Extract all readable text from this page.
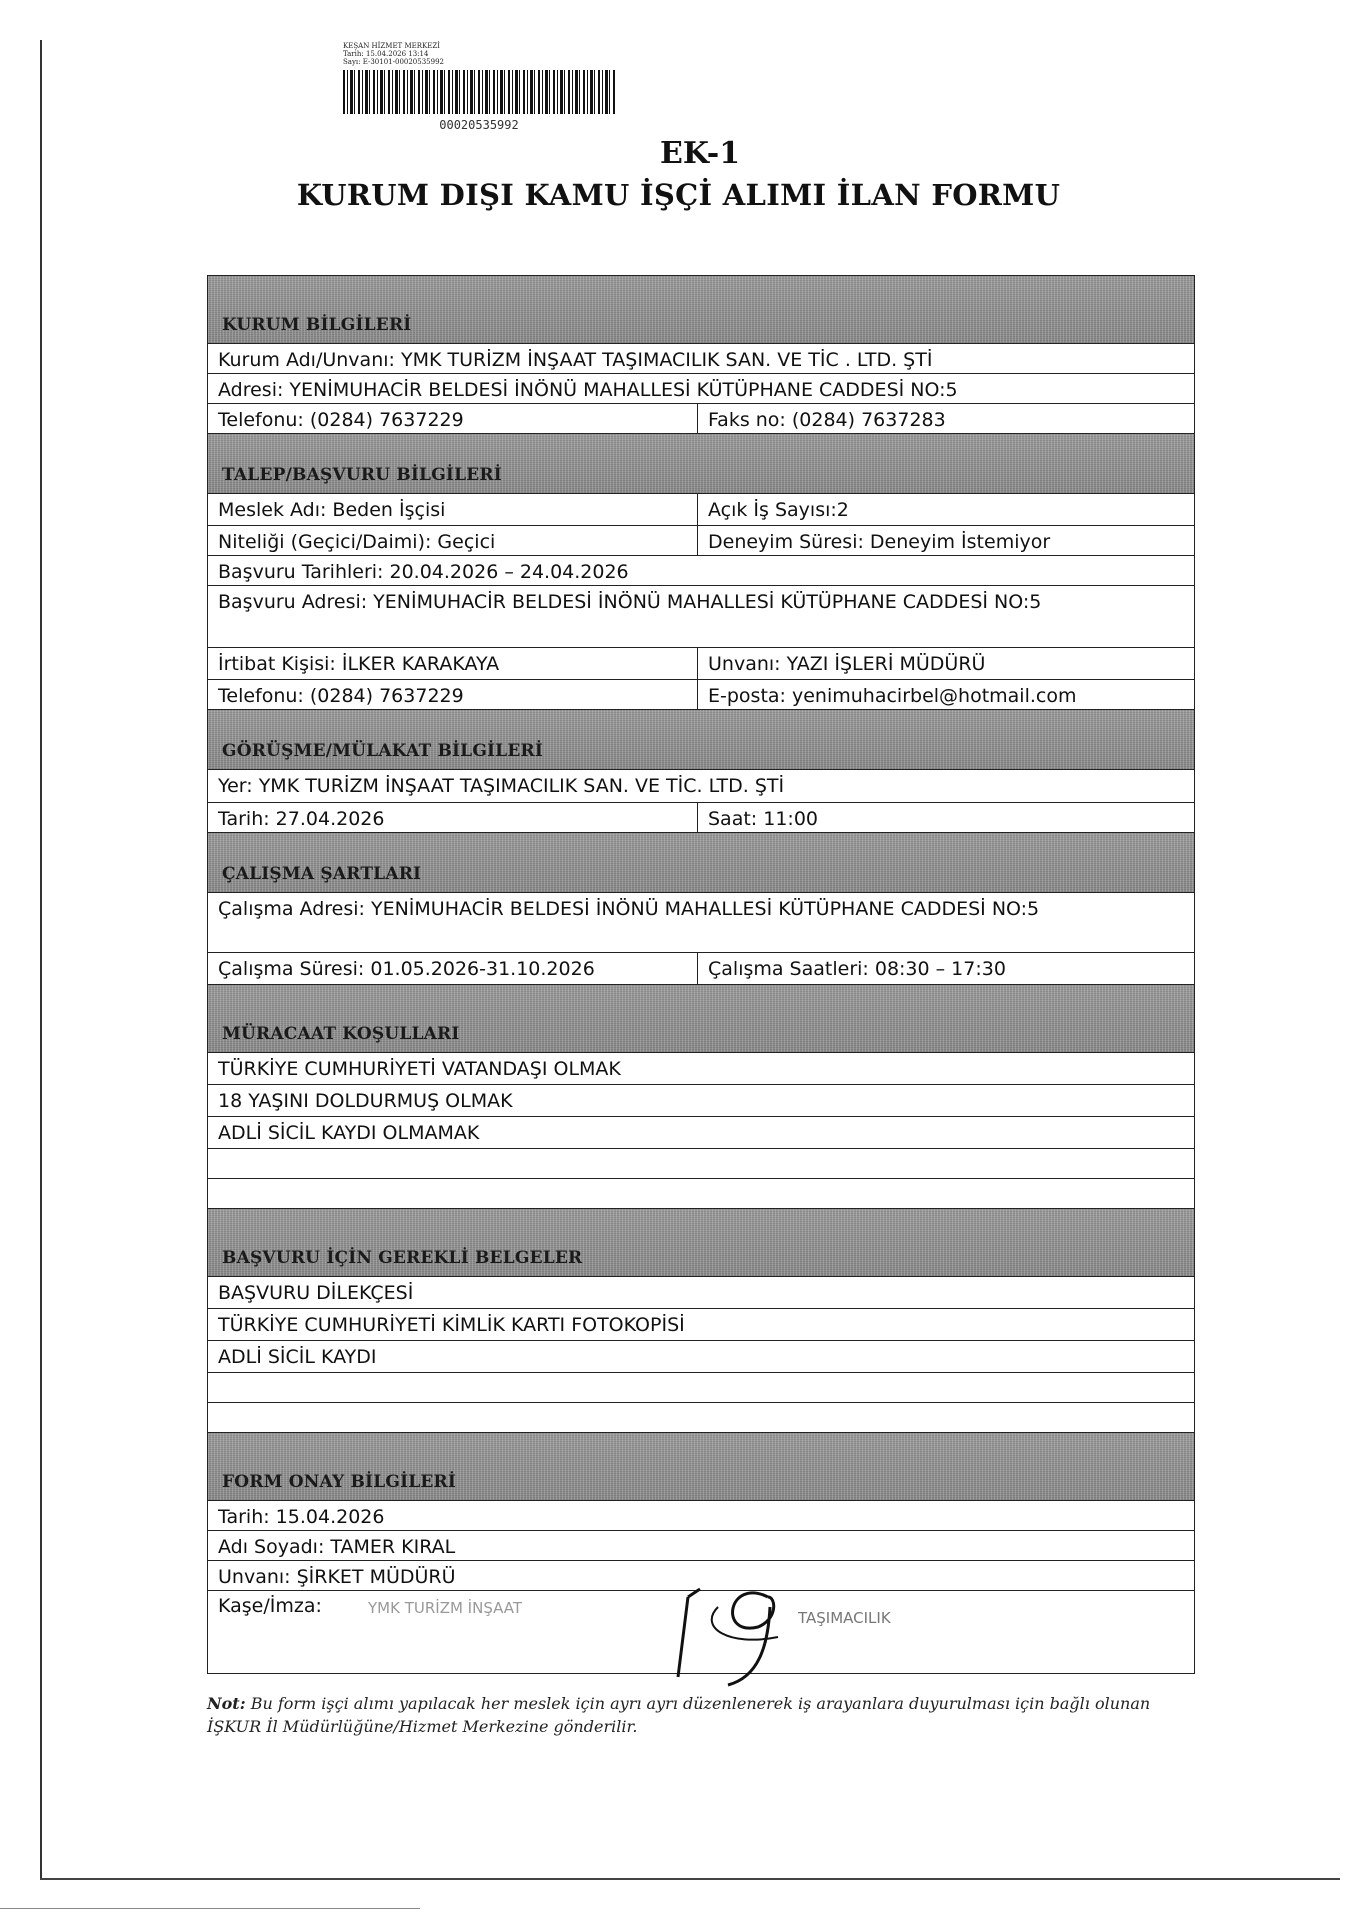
KEŞAN HİZMET MERKEZİ
Tarih: 15.04.2026 13:14
Sayı: E-30101-00020535992
00020535992
EK-1
KURUM DIŞI KAMU İŞÇİ ALIMI İLAN FORMU
KURUM BİLGİLERİ
Kurum Adı/Unvanı: YMK TURİZM İNŞAAT TAŞIMACILIK SAN. VE TİC . LTD. ŞTİ
Adresi: YENİMUHACİR BELDESİ İNÖNÜ MAHALLESİ KÜTÜPHANE CADDESİ NO:5
Telefonu: (0284) 7637229	Faks no: (0284) 7637283
TALEP/BAŞVURU BİLGİLERİ
Meslek Adı: Beden İşçisi	Açık İş Sayısı:2
Niteliği (Geçici/Daimi): Geçici	Deneyim Süresi: Deneyim İstemiyor
Başvuru Tarihleri: 20.04.2026 – 24.04.2026
Başvuru Adresi: YENİMUHACİR BELDESİ İNÖNÜ MAHALLESİ KÜTÜPHANE CADDESİ NO:5
İrtibat Kişisi: İLKER KARAKAYA	Unvanı: YAZI İŞLERİ MÜDÜRÜ
Telefonu: (0284) 7637229	E-posta: yenimuhacirbel@hotmail.com
GÖRÜŞME/MÜLAKAT BİLGİLERİ
Yer: YMK TURİZM İNŞAAT TAŞIMACILIK SAN. VE TİC. LTD. ŞTİ
Tarih: 27.04.2026	Saat: 11:00
ÇALIŞMA ŞARTLARI
Çalışma Adresi: YENİMUHACİR BELDESİ İNÖNÜ MAHALLESİ KÜTÜPHANE CADDESİ NO:5
Çalışma Süresi: 01.05.2026-31.10.2026	Çalışma Saatleri: 08:30 – 17:30
MÜRACAAT KOŞULLARI
TÜRKİYE CUMHURİYETİ VATANDAŞI OLMAK
18 YAŞINI DOLDURMUŞ OLMAK
ADLİ SİCİL KAYDI OLMAMAK
BAŞVURU İÇİN GEREKLİ BELGELER
BAŞVURU DİLEKÇESİ
TÜRKİYE CUMHURİYETİ KİMLİK KARTI FOTOKOPİSİ
ADLİ SİCİL KAYDI
FORM ONAY BİLGİLERİ
Tarih: 15.04.2026
Adı Soyadı: TAMER KIRAL
Unvanı: ŞİRKET MÜDÜRÜ
Kaşe/İmza:	YMK TURİZM İNŞAAT
TAŞIMACILIK
Not: Bu form işçi alımı yapılacak her meslek için ayrı ayrı düzenlenerek iş arayanlara duyurulması için bağlı olunan İŞKUR İl Müdürlüğüne/Hizmet Merkezine gönderilir.
